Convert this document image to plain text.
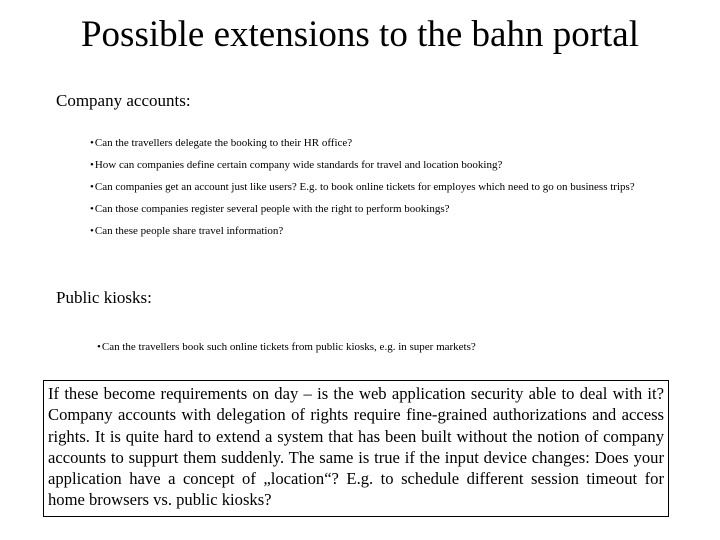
Possible extensions to the bahn portal
Company accounts:
•Can the travellers delegate the booking to their HR office?
•How can companies define certain company wide standards for travel and location booking?
•Can companies get an account just like users? E.g. to book online tickets for employes which need to go on business trips?
•Can those companies register several people with the right to perform bookings?
•Can these people share travel information?
Public kiosks:
•Can the travellers book such online tickets from public kiosks, e.g. in super markets?
If these become requirements on day – is the web application security able to deal with it? Company accounts with delegation of rights require fine-grained authorizations and access rights. It is quite hard to extend a system that has been built without the notion of company accounts to suppurt them suddenly. The same is true if the input device changes: Does your application have a concept of „location“? E.g. to schedule different session timeout for home browsers vs. public kiosks?
